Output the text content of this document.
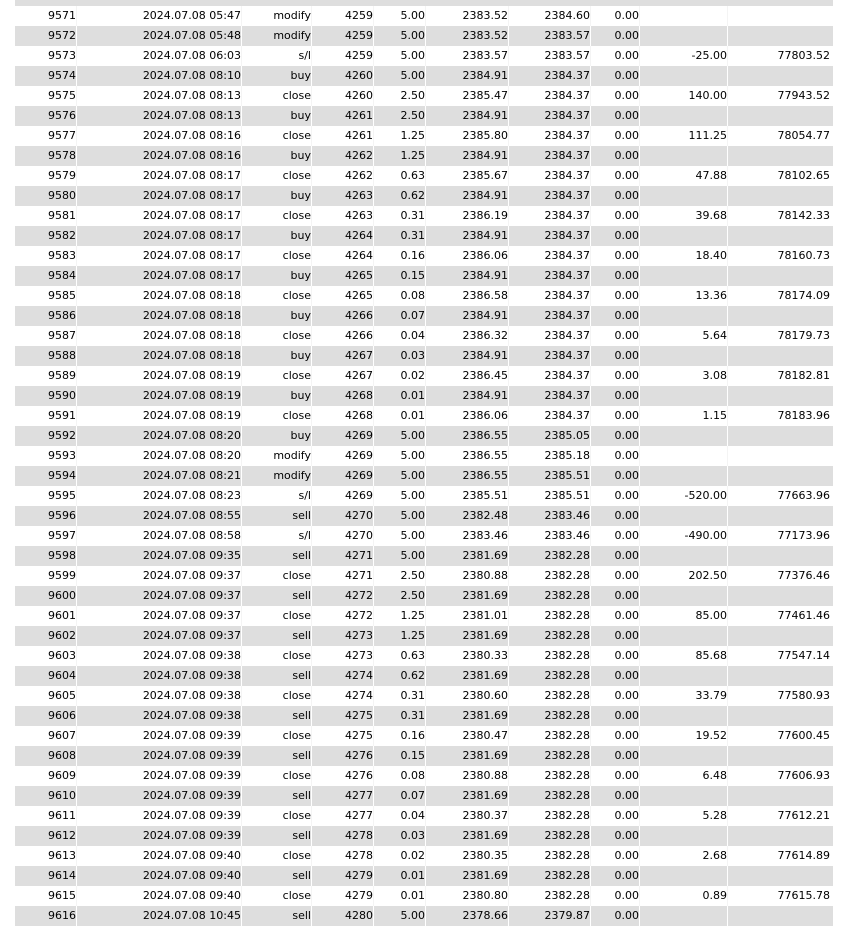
9571	2024.07.08 05:47	modify	4259	5.00	2383.52	2384.60	0.00
9572	2024.07.08 05:48	modify	4259	5.00	2383.52	2383.57	0.00
9573	2024.07.08 06:03	s/l	4259	5.00	2383.57	2383.57	0.00	-25.00	77803.52
9574	2024.07.08 08:10	buy	4260	5.00	2384.91	2384.37	0.00
9575	2024.07.08 08:13	close	4260	2.50	2385.47	2384.37	0.00	140.00	77943.52
9576	2024.07.08 08:13	buy	4261	2.50	2384.91	2384.37	0.00
9577	2024.07.08 08:16	close	4261	1.25	2385.80	2384.37	0.00	111.25	78054.77
9578	2024.07.08 08:16	buy	4262	1.25	2384.91	2384.37	0.00
9579	2024.07.08 08:17	close	4262	0.63	2385.67	2384.37	0.00	47.88	78102.65
9580	2024.07.08 08:17	buy	4263	0.62	2384.91	2384.37	0.00
9581	2024.07.08 08:17	close	4263	0.31	2386.19	2384.37	0.00	39.68	78142.33
9582	2024.07.08 08:17	buy	4264	0.31	2384.91	2384.37	0.00
9583	2024.07.08 08:17	close	4264	0.16	2386.06	2384.37	0.00	18.40	78160.73
9584	2024.07.08 08:17	buy	4265	0.15	2384.91	2384.37	0.00
9585	2024.07.08 08:18	close	4265	0.08	2386.58	2384.37	0.00	13.36	78174.09
9586	2024.07.08 08:18	buy	4266	0.07	2384.91	2384.37	0.00
9587	2024.07.08 08:18	close	4266	0.04	2386.32	2384.37	0.00	5.64	78179.73
9588	2024.07.08 08:18	buy	4267	0.03	2384.91	2384.37	0.00
9589	2024.07.08 08:19	close	4267	0.02	2386.45	2384.37	0.00	3.08	78182.81
9590	2024.07.08 08:19	buy	4268	0.01	2384.91	2384.37	0.00
9591	2024.07.08 08:19	close	4268	0.01	2386.06	2384.37	0.00	1.15	78183.96
9592	2024.07.08 08:20	buy	4269	5.00	2386.55	2385.05	0.00
9593	2024.07.08 08:20	modify	4269	5.00	2386.55	2385.18	0.00
9594	2024.07.08 08:21	modify	4269	5.00	2386.55	2385.51	0.00
9595	2024.07.08 08:23	s/l	4269	5.00	2385.51	2385.51	0.00	-520.00	77663.96
9596	2024.07.08 08:55	sell	4270	5.00	2382.48	2383.46	0.00
9597	2024.07.08 08:58	s/l	4270	5.00	2383.46	2383.46	0.00	-490.00	77173.96
9598	2024.07.08 09:35	sell	4271	5.00	2381.69	2382.28	0.00
9599	2024.07.08 09:37	close	4271	2.50	2380.88	2382.28	0.00	202.50	77376.46
9600	2024.07.08 09:37	sell	4272	2.50	2381.69	2382.28	0.00
9601	2024.07.08 09:37	close	4272	1.25	2381.01	2382.28	0.00	85.00	77461.46
9602	2024.07.08 09:37	sell	4273	1.25	2381.69	2382.28	0.00
9603	2024.07.08 09:38	close	4273	0.63	2380.33	2382.28	0.00	85.68	77547.14
9604	2024.07.08 09:38	sell	4274	0.62	2381.69	2382.28	0.00
9605	2024.07.08 09:38	close	4274	0.31	2380.60	2382.28	0.00	33.79	77580.93
9606	2024.07.08 09:38	sell	4275	0.31	2381.69	2382.28	0.00
9607	2024.07.08 09:39	close	4275	0.16	2380.47	2382.28	0.00	19.52	77600.45
9608	2024.07.08 09:39	sell	4276	0.15	2381.69	2382.28	0.00
9609	2024.07.08 09:39	close	4276	0.08	2380.88	2382.28	0.00	6.48	77606.93
9610	2024.07.08 09:39	sell	4277	0.07	2381.69	2382.28	0.00
9611	2024.07.08 09:39	close	4277	0.04	2380.37	2382.28	0.00	5.28	77612.21
9612	2024.07.08 09:39	sell	4278	0.03	2381.69	2382.28	0.00
9613	2024.07.08 09:40	close	4278	0.02	2380.35	2382.28	0.00	2.68	77614.89
9614	2024.07.08 09:40	sell	4279	0.01	2381.69	2382.28	0.00
9615	2024.07.08 09:40	close	4279	0.01	2380.80	2382.28	0.00	0.89	77615.78
9616	2024.07.08 10:45	sell	4280	5.00	2378.66	2379.87	0.00
